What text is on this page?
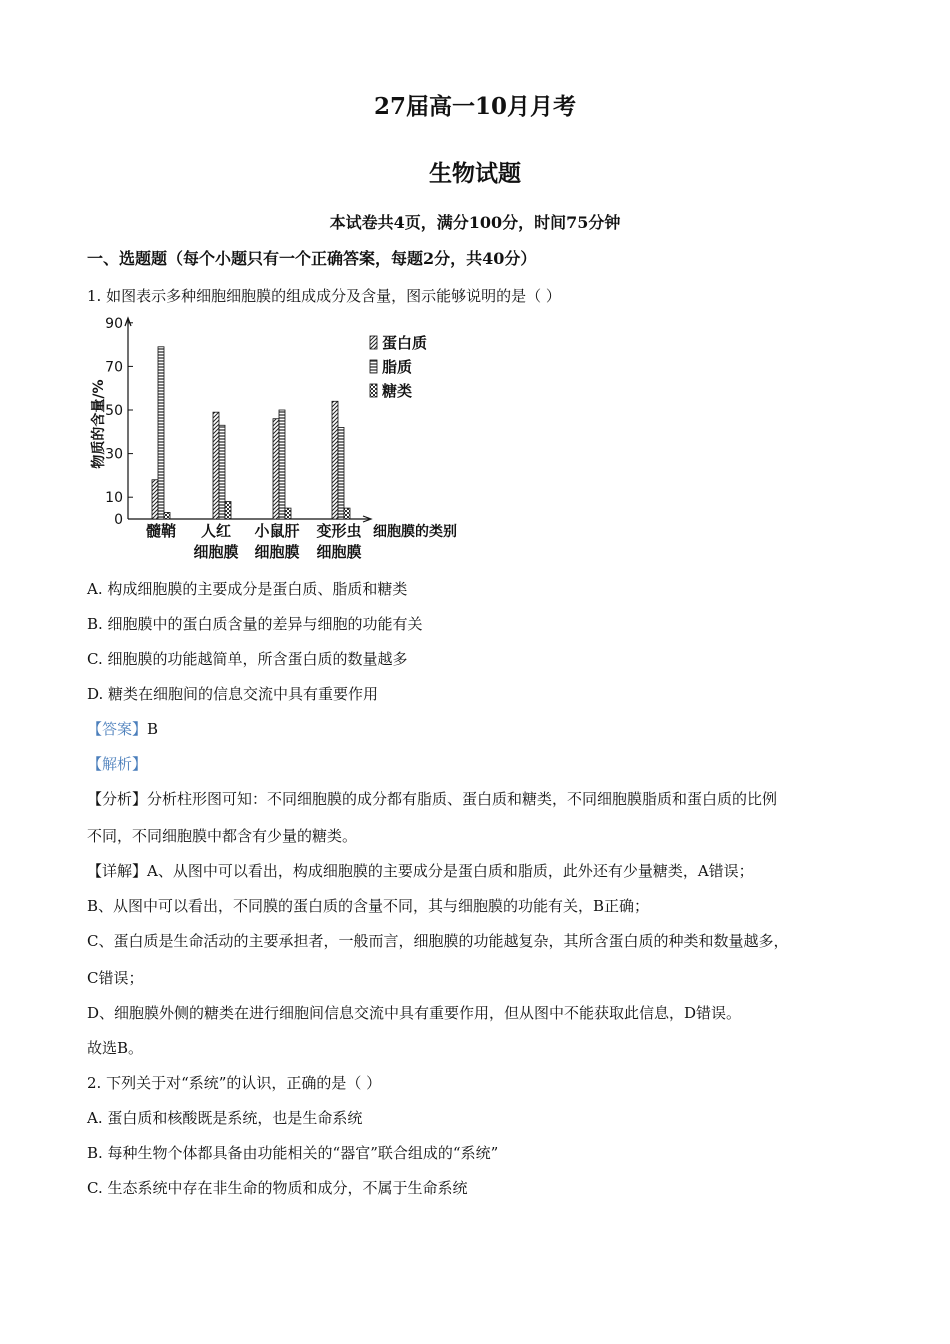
27届高一10月月考
生物试题
本试卷共4页，满分100分，时间75分钟
一、选题题（每个小题只有一个正确答案，每题2分，共40分）
1. 如图表示多种细胞细胞膜的组成成分及含量，图示能够说明的是（ ）
0
10
30
50
70
90
髓鞘 人红
细胞膜
小鼠肝
细胞膜
变形虫
细胞膜
物质的含量/%
细胞膜的类别
蛋白质
脂质
糖类
A. 构成细胞膜的主要成分是蛋白质、脂质和糖类
B. 细胞膜中的蛋白质含量的差异与细胞的功能有关
C. 细胞膜的功能越简单，所含蛋白质的数量越多
D. 糖类在细胞间的信息交流中具有重要作用
【答案】B
【解析】
【分析】分析柱形图可知：不同细胞膜的成分都有脂质、蛋白质和糖类，不同细胞膜脂质和蛋白质的比例
不同，不同细胞膜中都含有少量的糖类。
【详解】A、从图中可以看出，构成细胞膜的主要成分是蛋白质和脂质，此外还有少量糖类，A错误；
B、从图中可以看出，不同膜的蛋白质的含量不同，其与细胞膜的功能有关，B正确；
C、蛋白质是生命活动的主要承担者，一般而言，细胞膜的功能越复杂，其所含蛋白质的种类和数量越多，
C错误；
D、细胞膜外侧的糖类在进行细胞间信息交流中具有重要作用，但从图中不能获取此信息，D错误。
故选B。
2. 下列关于对“系统”的认识，正确的是（ ）
A. 蛋白质和核酸既是系统，也是生命系统
B. 每种生物个体都具备由功能相关的“器官”联合组成的“系统”
C. 生态系统中存在非生命的物质和成分，不属于生命系统
